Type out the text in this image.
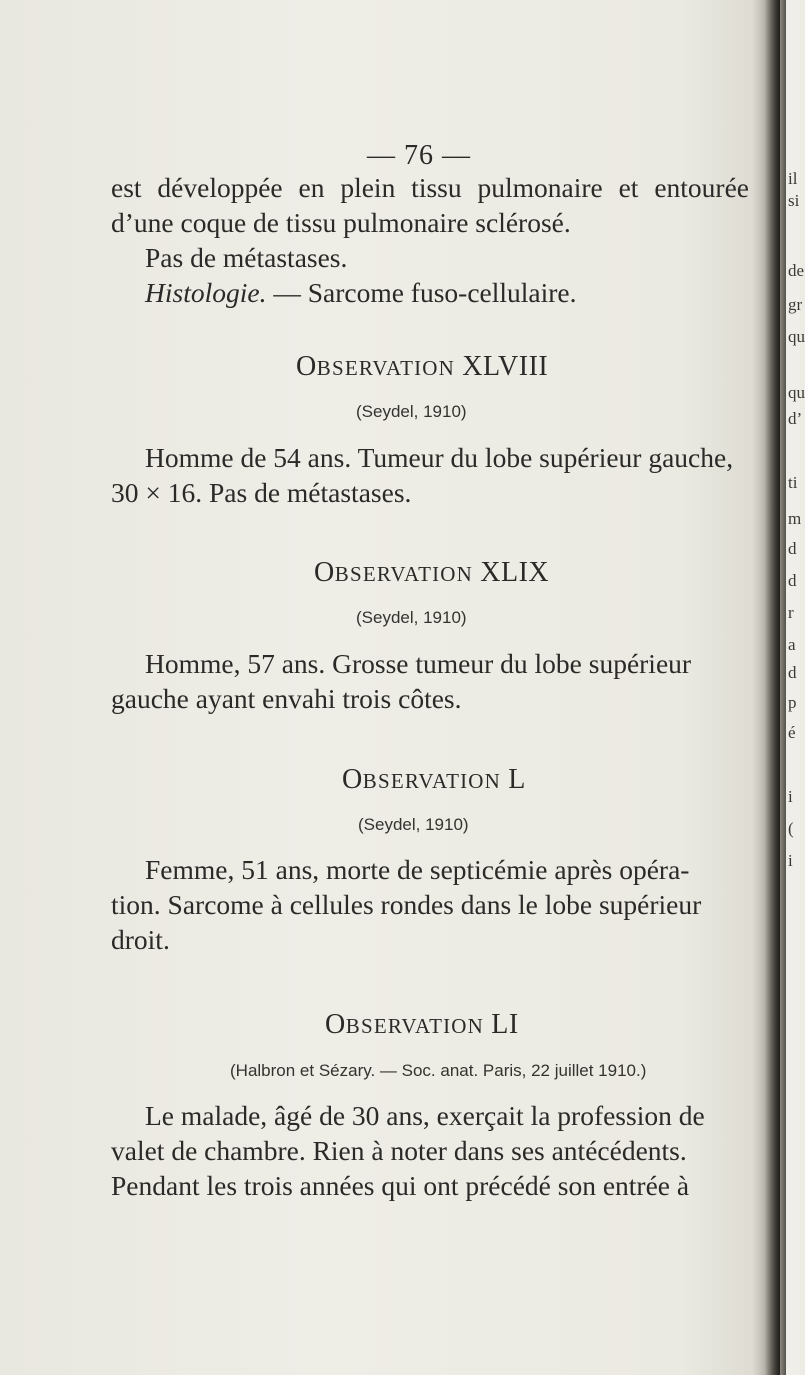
il
si
de
gr
qu
qu
d’
ti
m
d
d
r
a
d
p
é
i
(
i
— 76 —
est développée en plein tissu pulmonaire et entourée
d’une coque de tissu pulmonaire sclérosé.
Pas de métastases.
Histologie. — Sarcome fuso-cellulaire.
OBSERVATION XLVIII
(Seydel, 1910)
Homme de 54 ans. Tumeur du lobe supérieur gauche,
30 × 16. Pas de métastases.
OBSERVATION XLIX
(Seydel, 1910)
Homme, 57 ans. Grosse tumeur du lobe supérieur
gauche ayant envahi trois côtes.
OBSERVATION L
(Seydel, 1910)
Femme, 51 ans, morte de septicémie après opéra-
tion. Sarcome à cellules rondes dans le lobe supérieur
droit.
OBSERVATION LI
(Halbron et Sézary. — Soc. anat. Paris, 22 juillet 1910.)
Le malade, âgé de 30 ans, exerçait la profession de
valet de chambre. Rien à noter dans ses antécédents.
Pendant les trois années qui ont précédé son entrée à
